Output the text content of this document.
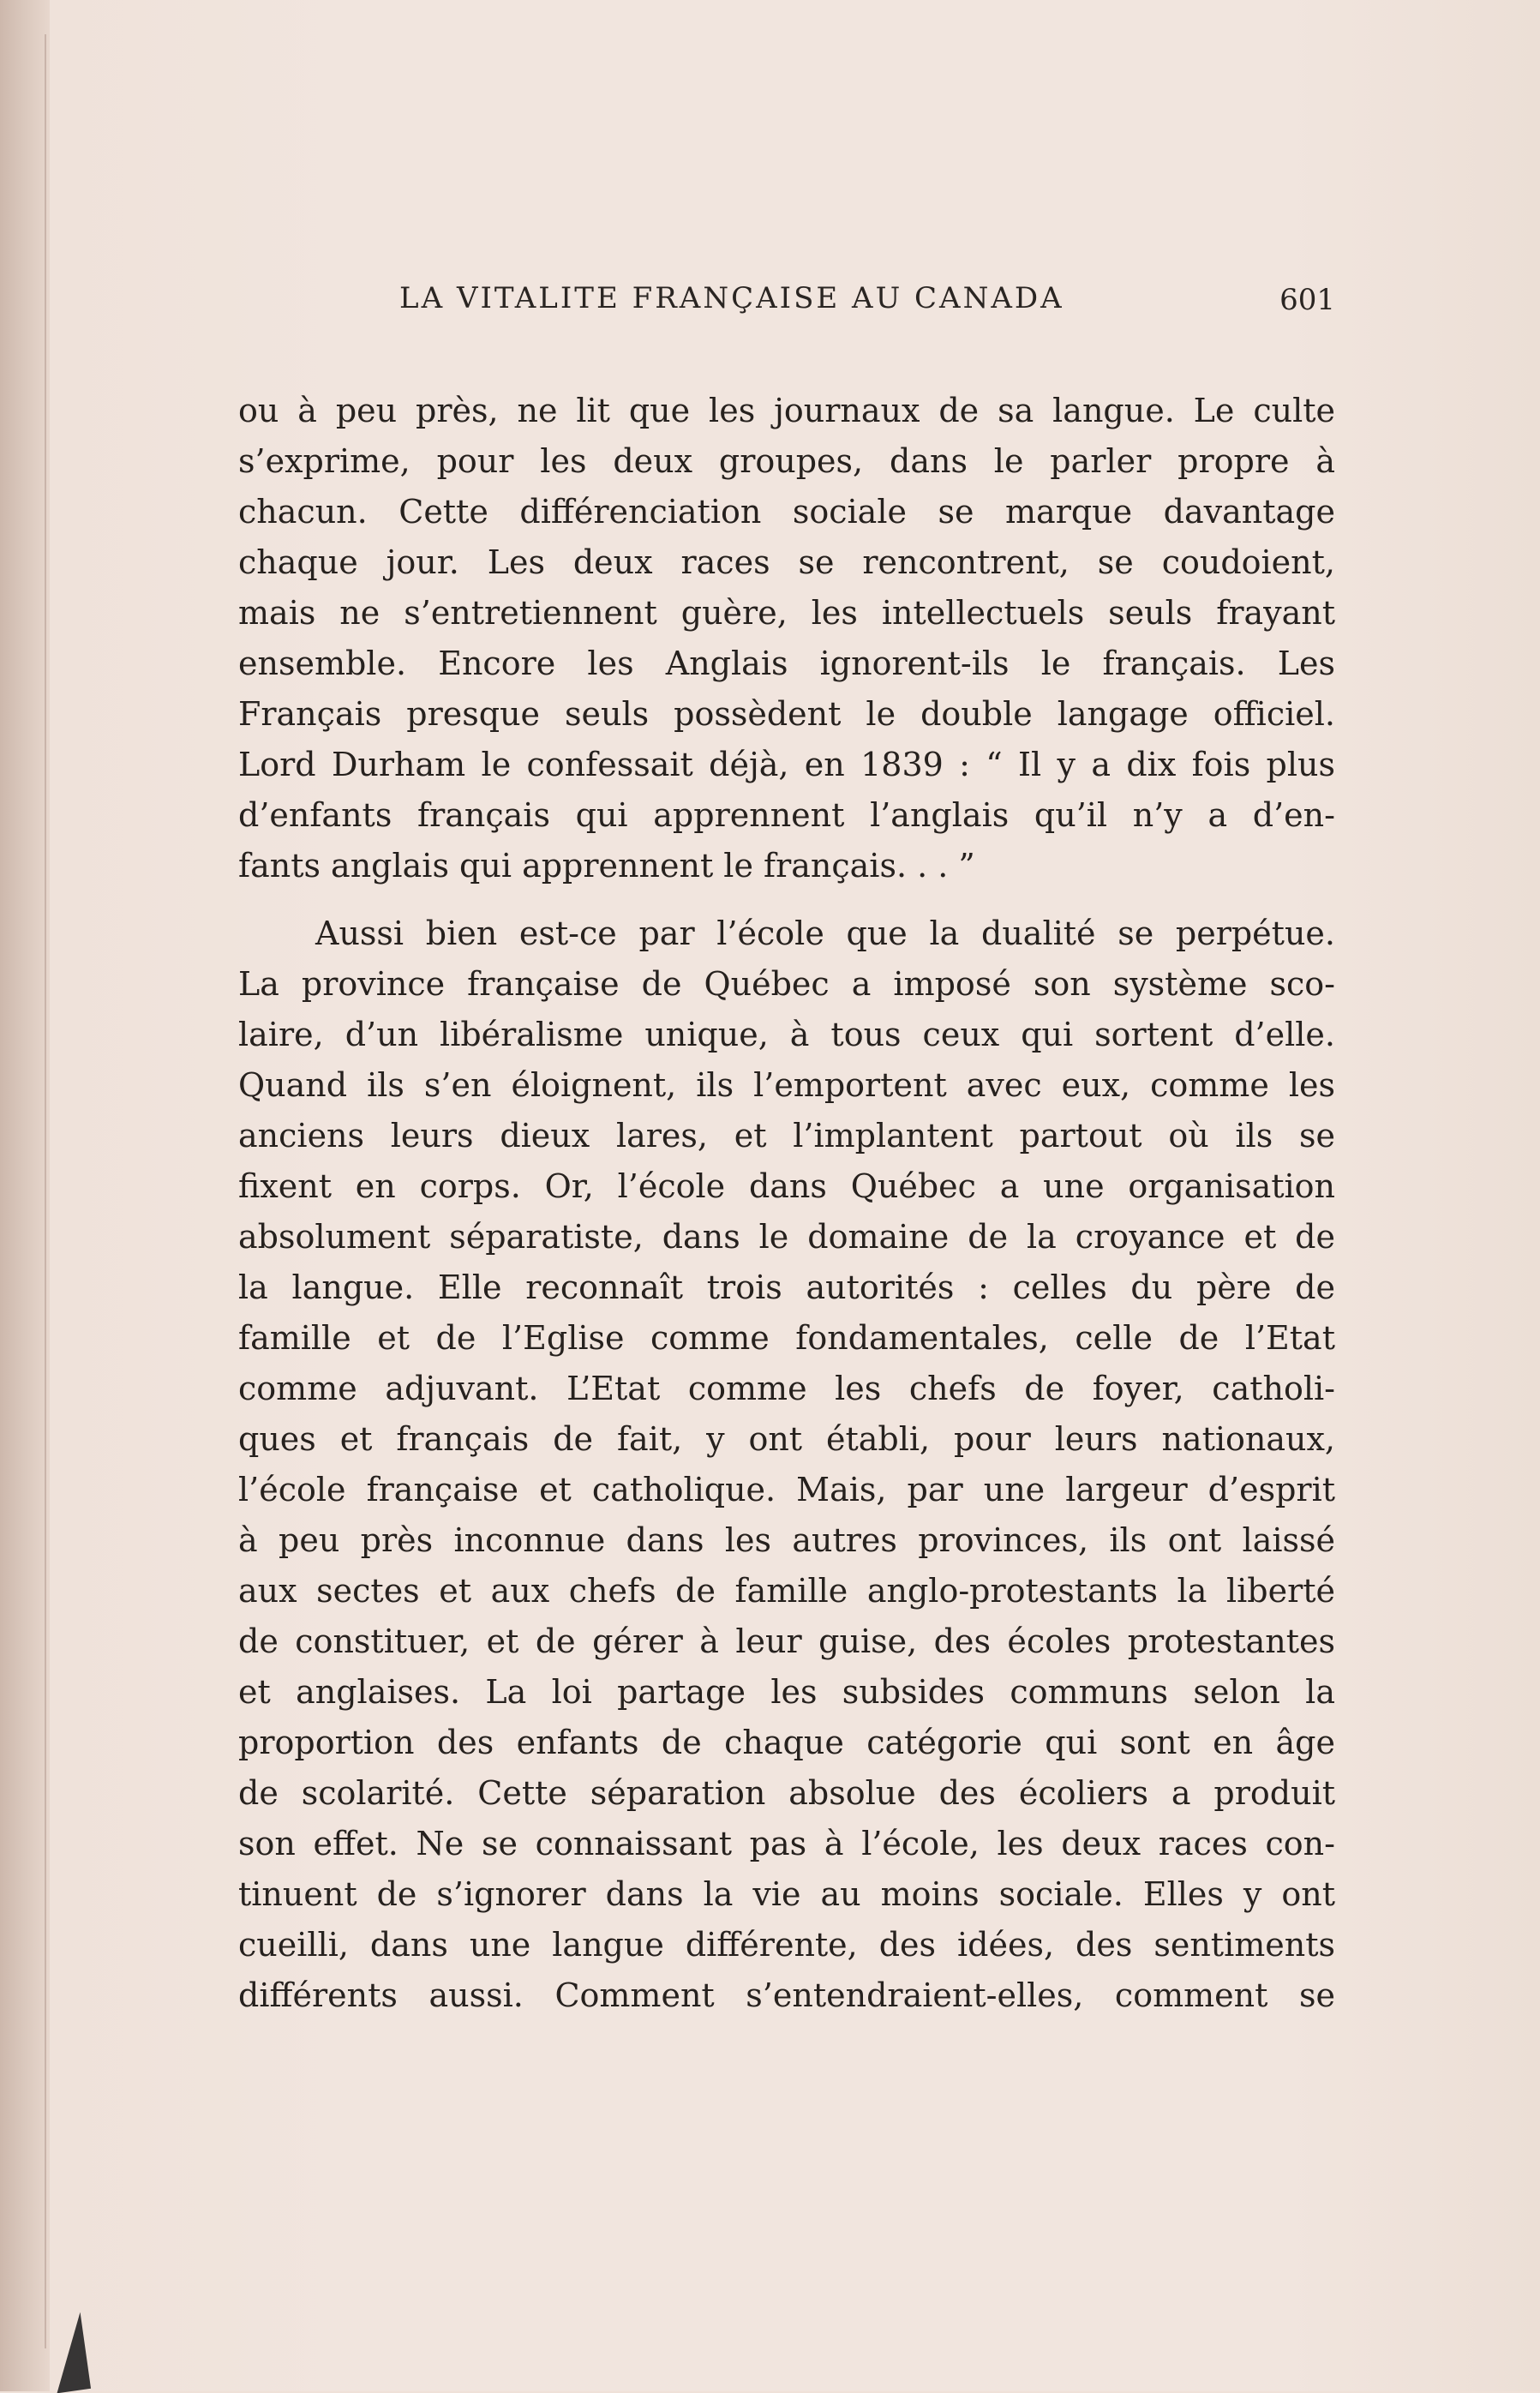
LA VITALITE FRANÇAISE AU CANADA	601
ou à peu près, ne lit que les journaux de sa langue. Le culte
s’exprime, pour les deux groupes, dans le parler propre à
chacun. Cette différenciation sociale se marque davantage
chaque jour. Les deux races se rencontrent, se coudoient,
mais ne s’entretiennent guère, les intellectuels seuls frayant
ensemble. Encore les Anglais ignorent-ils le français. Les
Français presque seuls possèdent le double langage officiel.
Lord Durham le confessait déjà, en 1839 : “ Il y a dix fois plus
d’enfants français qui apprennent l’anglais qu’il n’y a d’en-
fants anglais qui apprennent le français. . . ”
Aussi bien est-ce par l’école que la dualité se perpétue.
La province française de Québec a imposé son système sco-
laire, d’un libéralisme unique, à tous ceux qui sortent d’elle.
Quand ils s’en éloignent, ils l’emportent avec eux, comme les
anciens leurs dieux lares, et l’implantent partout où ils se
fixent en corps. Or, l’école dans Québec a une organisation
absolument séparatiste, dans le domaine de la croyance et de
la langue. Elle reconnaît trois autorités : celles du père de
famille et de l’Eglise comme fondamentales, celle de l’Etat
comme adjuvant. L’Etat comme les chefs de foyer, catholi-
ques et français de fait, y ont établi, pour leurs nationaux,
l’école française et catholique. Mais, par une largeur d’esprit
à peu près inconnue dans les autres provinces, ils ont laissé
aux sectes et aux chefs de famille anglo-protestants la liberté
de constituer, et de gérer à leur guise, des écoles protestantes
et anglaises. La loi partage les subsides communs selon la
proportion des enfants de chaque catégorie qui sont en âge
de scolarité. Cette séparation absolue des écoliers a produit
son effet. Ne se connaissant pas à l’école, les deux races con-
tinuent de s’ignorer dans la vie au moins sociale. Elles y ont
cueilli, dans une langue différente, des idées, des sentiments
différents aussi. Comment s’entendraient-elles, comment se
